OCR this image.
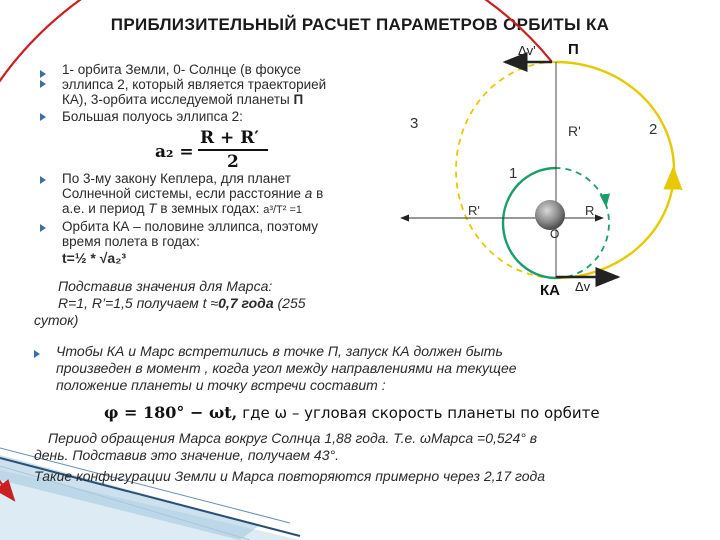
ПРИБЛИЗИТЕЛЬНЫЙ РАСЧЕТ ПАРАМЕТРОВ ОРБИТЫ КА
Δv' П
3	2
1
R'
R'	R
O
КА Δv
1- орбита Земли, 0- Солнце (в фокусе
эллипса 2, который является траекторией
КА), 3-орбита исследуемой планеты П
Большая полуось эллипса 2:
a₂ =
R + R′
2
По 3-му закону Кеплера, для планет
Солнечной системы, если расстояние a в
а.е. и период T в земных годах: a³/T² =1
Орбита КА – половине эллипса, поэтому
время полета в годах:
t=½ * √a₂³
Подставив значения для Марса:
R=1, R’=1,5 получаем t ≈0,7 года (255
суток)
Чтобы КА и Марс встретились в точке П, запуск КА должен быть
произведен в момент , когда угол между направлениями на текущее
положение планеты и точку встречи составит :
φ = 180° − ωt, где ω – угловая скорость планеты по орбите
Период обращения Марса вокруг Солнца 1,88 года. Т.е. ωМарса =0,524° в
день. Подставив это значение, получаем 43°.
Такие конфигурации Земли и Марса повторяются примерно через 2,17 года
